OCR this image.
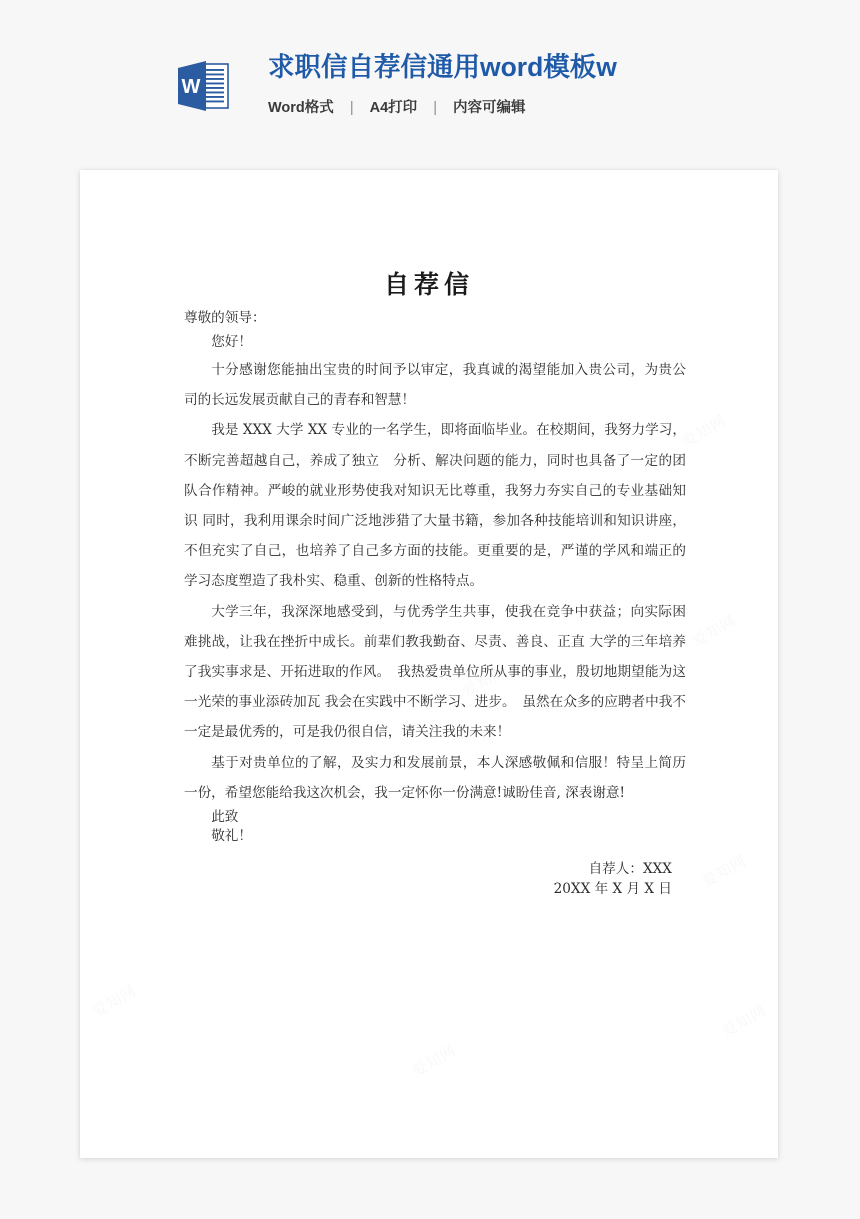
W
求职信自荐信通用word模板w
Word格式 | A4打印 | 内容可编辑
自荐信

尊敬的领导：

您好！

十分感谢您能抽出宝贵的时间予以审定，我真诚的渴望能加入贵公司，为贵公司的长远发展贡献自己的青春和智慧！

我是 XXX 大学 XX 专业的一名学生，即将面临毕业。在校期间，我努力学习，不断完善超越自己，养成了独立　分析、解决问题的能力，同时也具备了一定的团队合作精神。严峻的就业形势使我对知识无比尊重，我努力夯实自己的专业基础知识 同时，我利用课余时间广泛地涉猎了大量书籍，参加各种技能培训和知识讲座，不但充实了自己，也培养了自己多方面的技能。更重要的是，严谨的学风和端正的学习态度塑造了我朴实、稳重、创新的性格特点。

大学三年，我深深地感受到，与优秀学生共事，使我在竞争中获益；向实际困难挑战，让我在挫折中成长。前辈们教我勤奋、尽责、善良、正直 大学的三年培养了我实事求是、开拓进取的作风。　我热爱贵单位所从事的事业，殷切地期望能为这一光荣的事业添砖加瓦 我会在实践中不断学习、进步。　虽然在众多的应聘者中我不一定是最优秀的，可是我仍很自信，请关注我的未来！

基于对贵单位的了解，及实力和发展前景，本人深感敬佩和信服！特呈上简历一份，希望您能给我这次机会，我一定怀你一份满意!诚盼佳音, 深表谢意!

此致

敬礼！

自荐人：XXX

20XX 年 X 月 X 日
